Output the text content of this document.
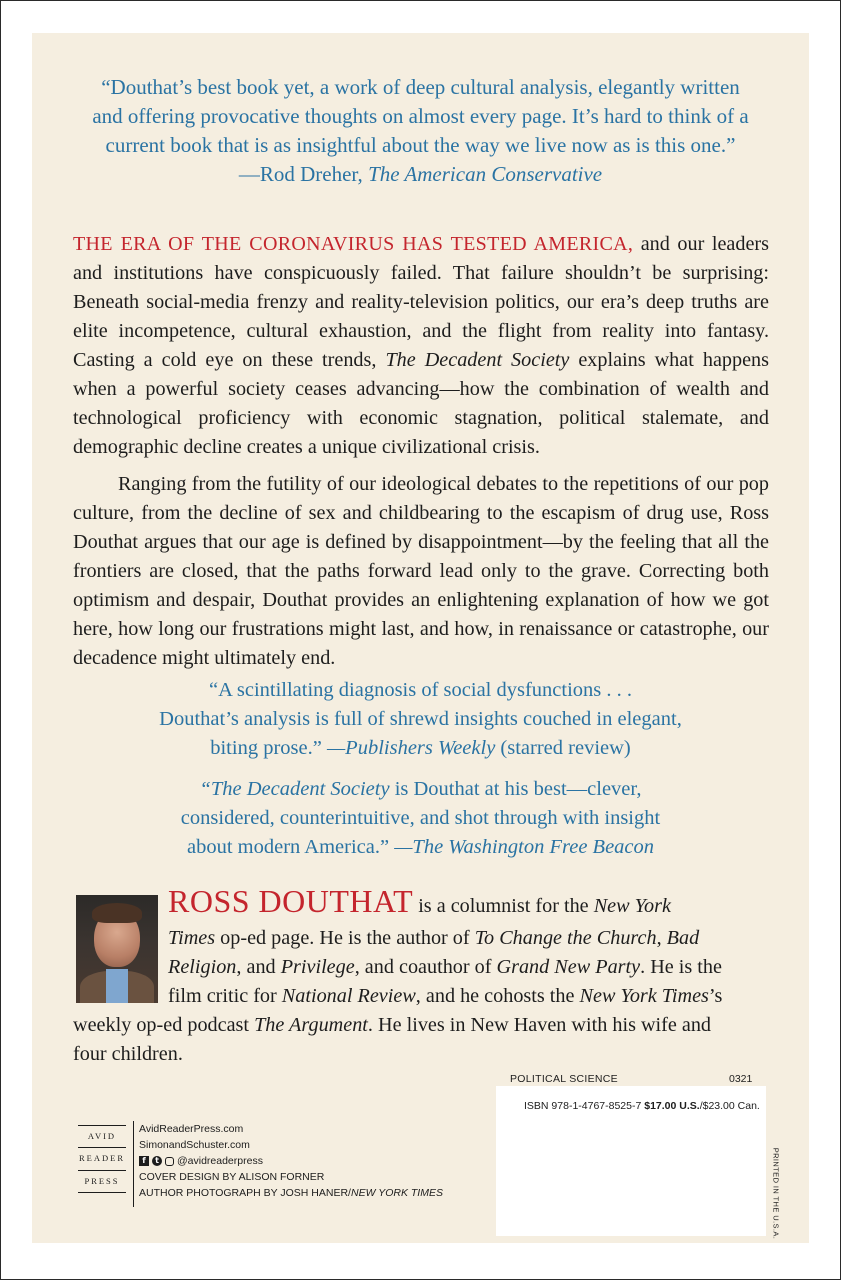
“Douthat’s best book yet, a work of deep cultural analysis, elegantly written
and offering provocative thoughts on almost every page. It’s hard to think of a
current book that is as insightful about the way we live now as is this one.”
—Rod Dreher, The American Conservative

THE ERA OF THE CORONAVIRUS HAS TESTED AMERICA, and our leaders and institutions have conspicuously failed. That failure shouldn’t be surprising: Beneath social-media frenzy and reality-television politics, our era’s deep truths are elite incompetence, cultural exhaustion, and the flight from reality into fantasy. Casting a cold eye on these trends, The Decadent Society explains what happens when a powerful society ceases advancing—how the combination of wealth and technological proficiency with economic stagnation, political stalemate, and demographic decline creates a unique civilizational crisis.

Ranging from the futility of our ideological debates to the repetitions of our pop culture, from the decline of sex and childbearing to the escapism of drug use, Ross Douthat argues that our age is defined by disappointment—by the feeling that all the frontiers are closed, that the paths forward lead only to the grave. Correcting both optimism and despair, Douthat provides an enlightening explanation of how we got here, how long our frustrations might last, and how, in renaissance or catastrophe, our decadence might ultimately end.

“A scintillating diagnosis of social dysfunctions . . .
Douthat’s analysis is full of shrewd insights couched in elegant,
biting prose.” —Publishers Weekly (starred review)
“The Decadent Society is Douthat at his best—clever,
considered, counterintuitive, and shot through with insight
about modern America.” —The Washington Free Beacon
ROSS DOUTHAT is a columnist for the New York
Times op-ed page. He is the author of To Change the Church, Bad
Religion, and Privilege, and coauthor of Grand New Party. He is the
film critic for National Review, and he cohosts the New York Times’s
weekly op-ed podcast The Argument. He lives in New Haven with his wife and
four children.
POLITICAL SCIENCE	0321
ISBN 978-1-4767-8525-7 $17.00 U.S./$23.00 Can.
PRINTED IN THE U.S.A.
AVID
READER
PRESS
AvidReaderPress.com
SimonandSchuster.com
f	t @avidreaderpress
COVER DESIGN BY ALISON FORNER
AUTHOR PHOTOGRAPH BY JOSH HANER/NEW YORK TIMES
